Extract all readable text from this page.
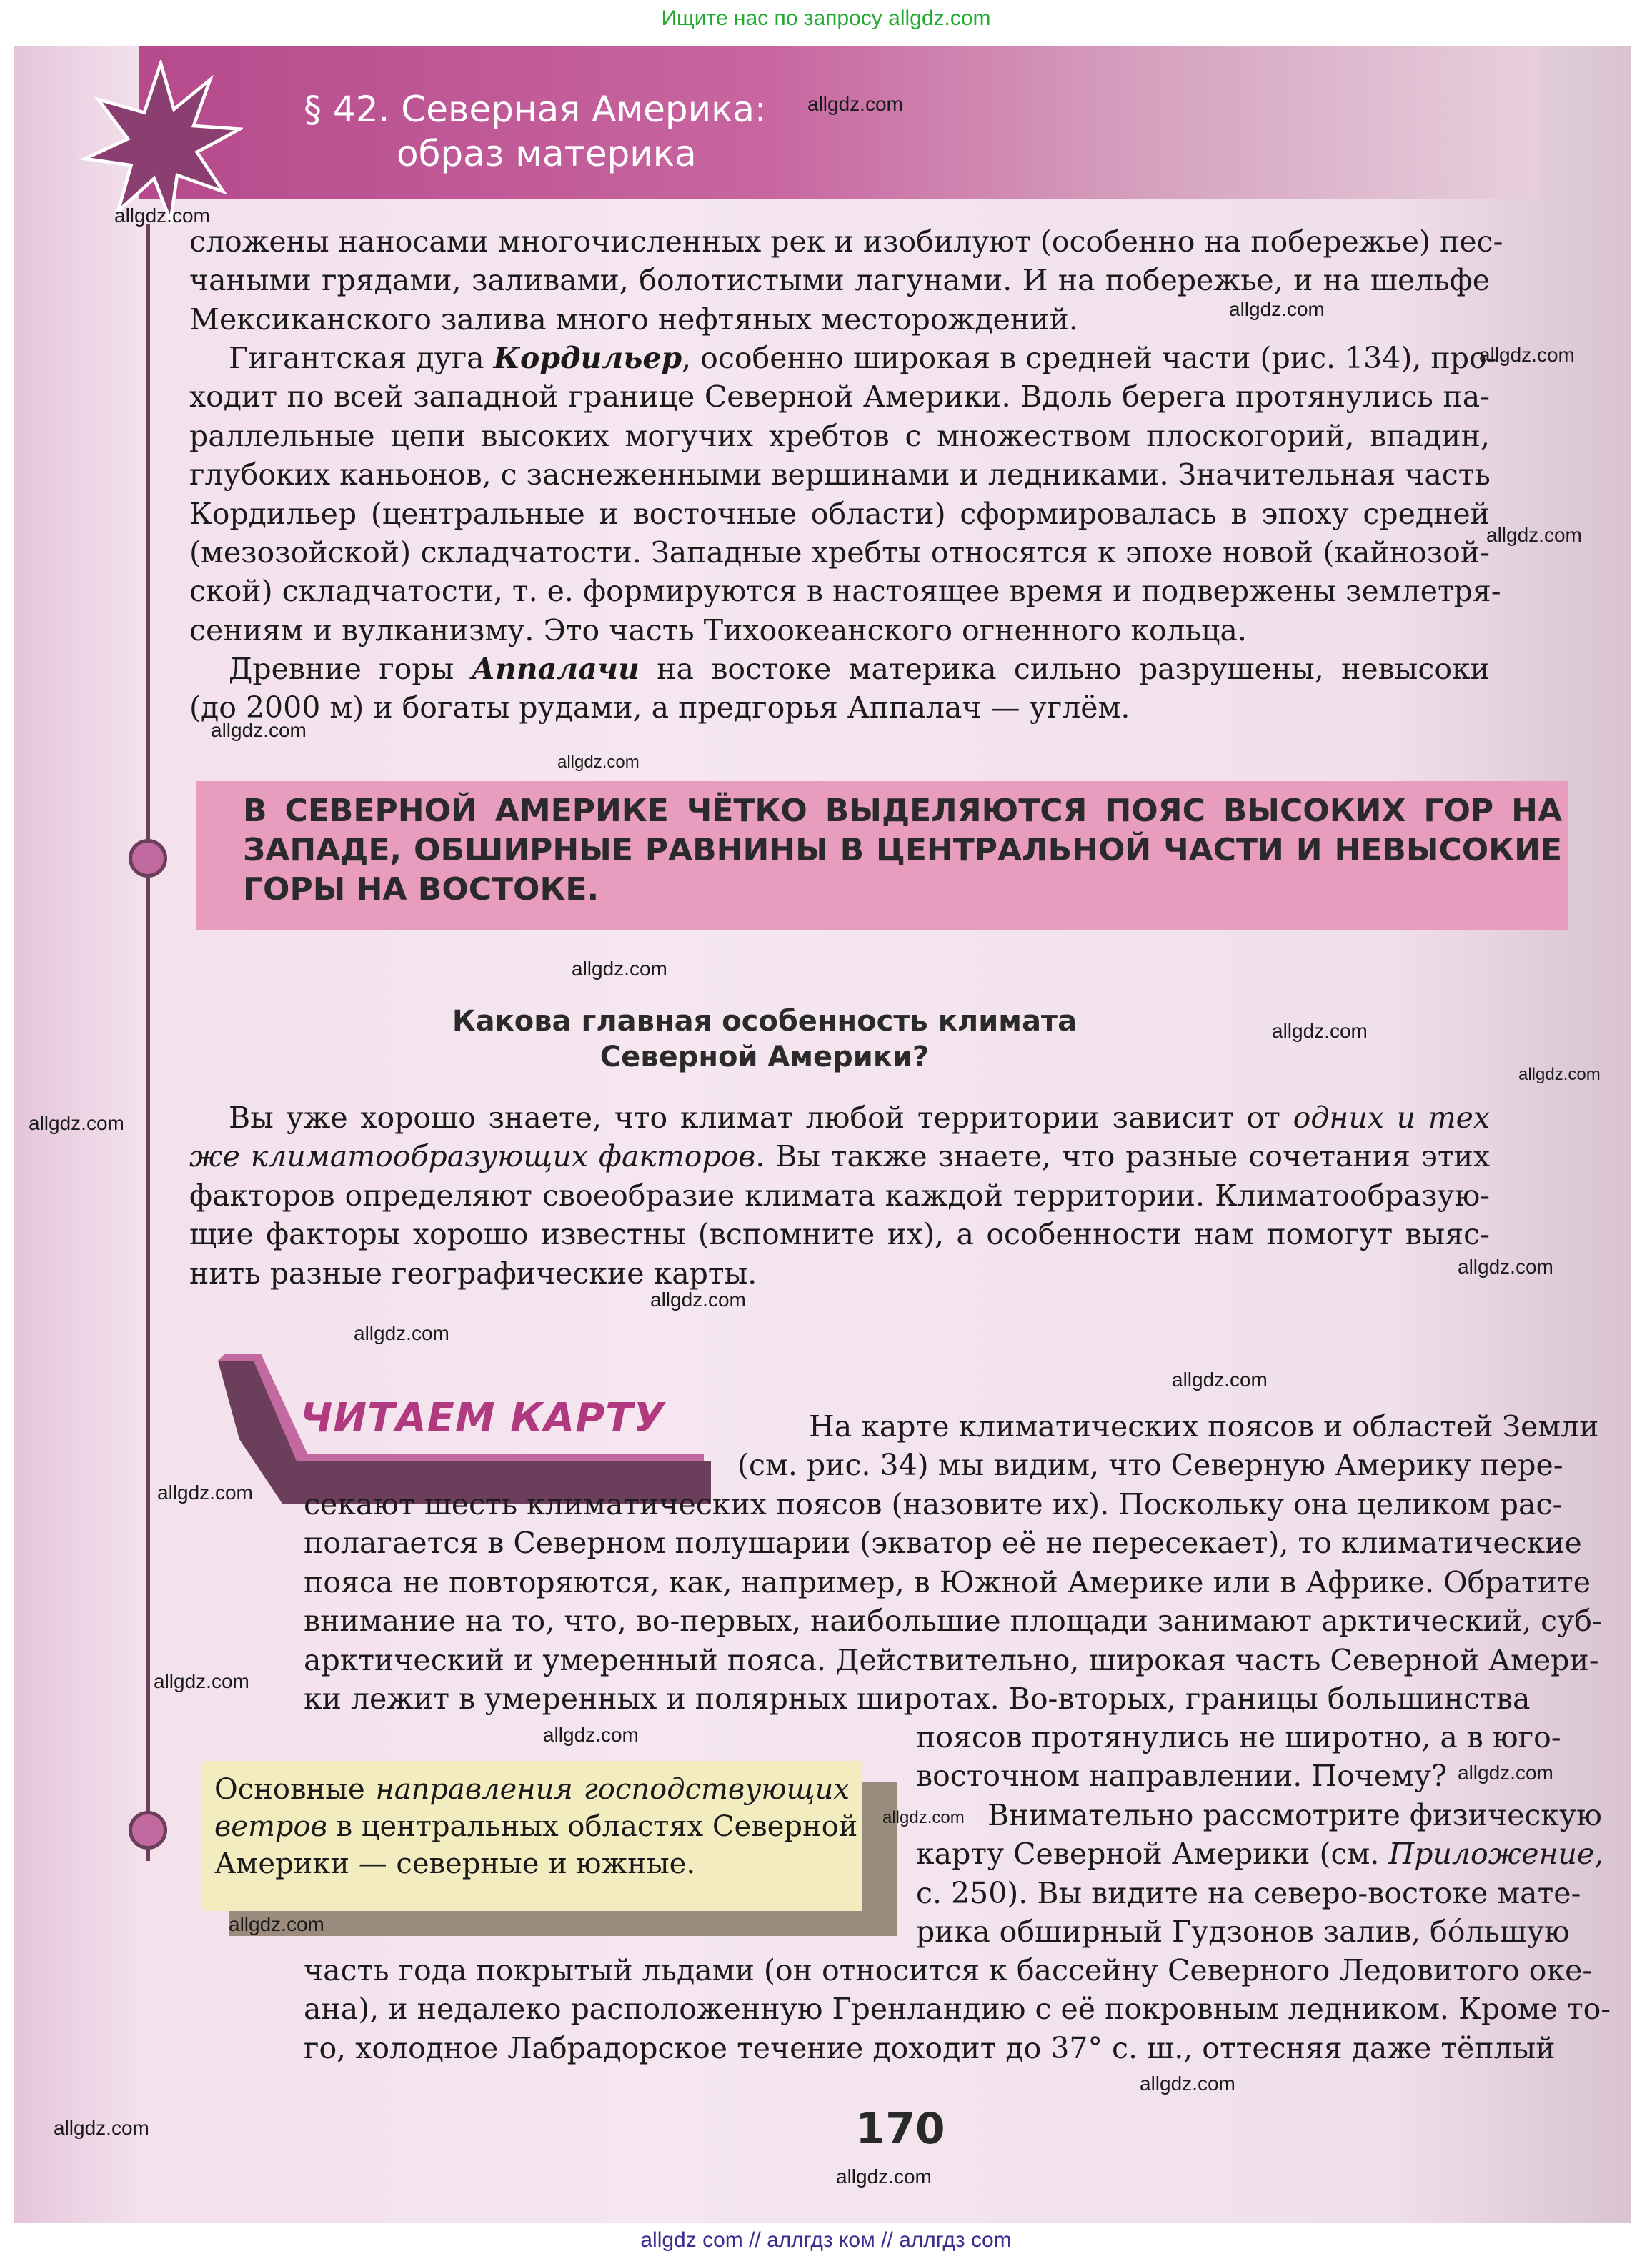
Ищите нас по запросу allgdz.com
§ 42. Северная Америка:
образ материка
сложены наносами многочисленных рек и изобилуют (особенно на побережье) пес-
чаными грядами, заливами, болотистыми лагунами. И на побережье, и на шельфе
Мексиканского залива много нефтяных месторождений.
Гигантская дуга Кордильер, особенно широкая в средней части (рис. 134), про-
ходит по всей западной границе Северной Америки. Вдоль берега протянулись па-
раллельные цепи высоких могучих хребтов с множеством плоскогорий, впадин,
глубоких каньонов, с заснеженными вершинами и ледниками. Значительная часть
Кордильер (центральные и восточные области) сформировалась в эпоху средней
(мезозойской) складчатости. Западные хребты относятся к эпохе новой (кайнозой-
ской) складчатости, т. е. формируются в настоящее время и подвержены землетря-
сениям и вулканизму. Это часть Тихоокеанского огненного кольца.
Древние горы Аппалачи на востоке материка сильно разрушены, невысоки
(до 2000 м) и богаты рудами, а предгорья Аппалач — углём.
В СЕВЕРНОЙ АМЕРИКЕ ЧЁТКО ВЫДЕЛЯЮТСЯ ПОЯС ВЫСОКИХ ГОР НА
ЗАПАДЕ, ОБШИРНЫЕ РАВНИНЫ В ЦЕНТРАЛЬНОЙ ЧАСТИ И НЕВЫСОКИЕ
ГОРЫ НА ВОСТОКЕ.
Какова главная особенность климата
Северной Америки?
Вы уже хорошо знаете, что климат любой территории зависит от одних и тех
же климатообразующих факторов. Вы также знаете, что разные сочетания этих
факторов определяют своеобразие климата каждой территории. Климатообразую-
щие факторы хорошо известны (вспомните их), а особенности нам помогут выяс-
нить разные географические карты.
ЧИТАЕМ КАРТУ	На карте климатических поясов и областей Земли
(см. рис. 34) мы видим, что Северную Америку пере-
секают шесть климатических поясов (назовите их). Поскольку она целиком рас-
полагается в Северном полушарии (экватор её не пересекает), то климатические
пояса не повторяются, как, например, в Южной Америке или в Африке. Обратите
внимание на то, что, во-первых, наибольшие площади занимают арктический, суб-
арктический и умеренный пояса. Действительно, широкая часть Северной Амери-
ки лежит в умеренных и полярных широтах. Во-вторых, границы большинства
поясов протянулись не широтно, а в юго-
восточном направлении. Почему?
Основные направления господствующих
ветров в центральных областях Северной
Америки — северные и южные.
Внимательно рассмотрите физическую
карту Северной Америки (см. Приложение,
с. 250). Вы видите на северо-востоке мате-
рика обширный Гудзонов залив, бóльшую
часть года покрытый льдами (он относится к бассейну Северного Ледовитого оке-
ана), и недалеко расположенную Гренландию с её покровным ледником. Кроме то-
го, холодное Лабрадорское течение доходит до 37° с. ш., оттесняя даже тёплый
170
allgdz.com
allgdz.com
allgdz.com
allgdz.com
allgdz.com
allgdz.com
allgdz.com
allgdz.com
allgdz.com
allgdz.com
allgdz.com
allgdz.com
allgdz.com
allgdz.com
allgdz.com
allgdz.com
allgdz.com
allgdz.com
allgdz.com
allgdz.com
allgdz.com
allgdz.com
allgdz.com
allgdz.com
allgdz com // аллгдз ком // аллгдз com
